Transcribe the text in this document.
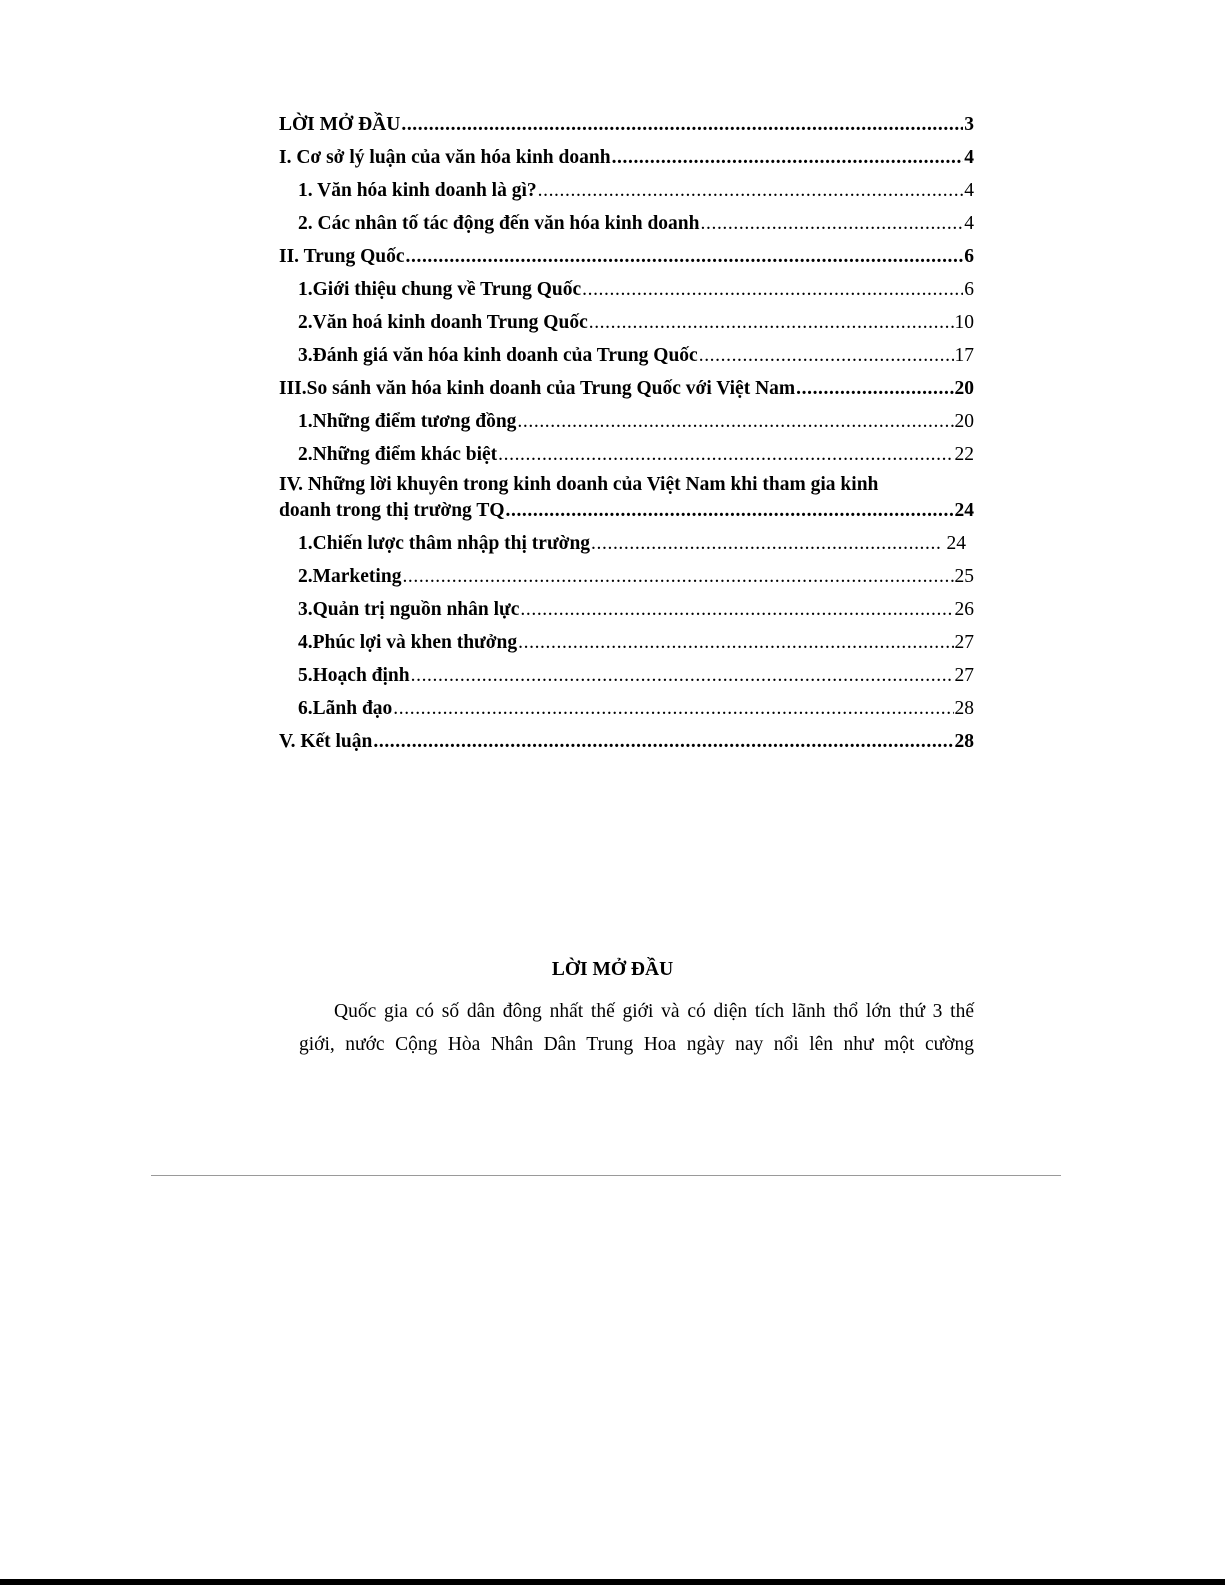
LỜI MỞ ĐẦU .....	3
I. Cơ sở lý luận của văn hóa kinh doanh .....	4
1. Văn hóa kinh doanh là gì? .....	4
2. Các nhân tố tác động đến văn hóa kinh doanh .....	4
II. Trung Quốc .....	6
1.Giới thiệu chung về Trung Quốc .....	6
2.Văn hoá kinh doanh Trung Quốc .....	10
3.Đánh giá văn hóa kinh doanh của Trung Quốc .....	17
III.So sánh văn hóa kinh doanh của Trung Quốc với Việt Nam .....	20
1.Những điểm tương đồng .....	20
2.Những điểm khác biệt .....	22
IV. Những lời khuyên trong kinh doanh của Việt Nam khi tham gia kinh
doanh trong thị trường TQ .....	24
1.Chiến lược thâm nhập thị trường .....	24
2.Marketing .....	25
3.Quản trị nguồn nhân lực .....	26
4.Phúc lợi và khen thưởng .....	27
5.Hoạch định .....	27
6.Lãnh đạo .....	28
V. Kết luận .....	28
LỜI MỞ ĐẦU

Quốc gia có số dân đông nhất thế giới và có diện tích lãnh thổ lớn thứ 3 thế

giới, nước Cộng Hòa Nhân Dân Trung Hoa ngày nay nổi lên như một cường
